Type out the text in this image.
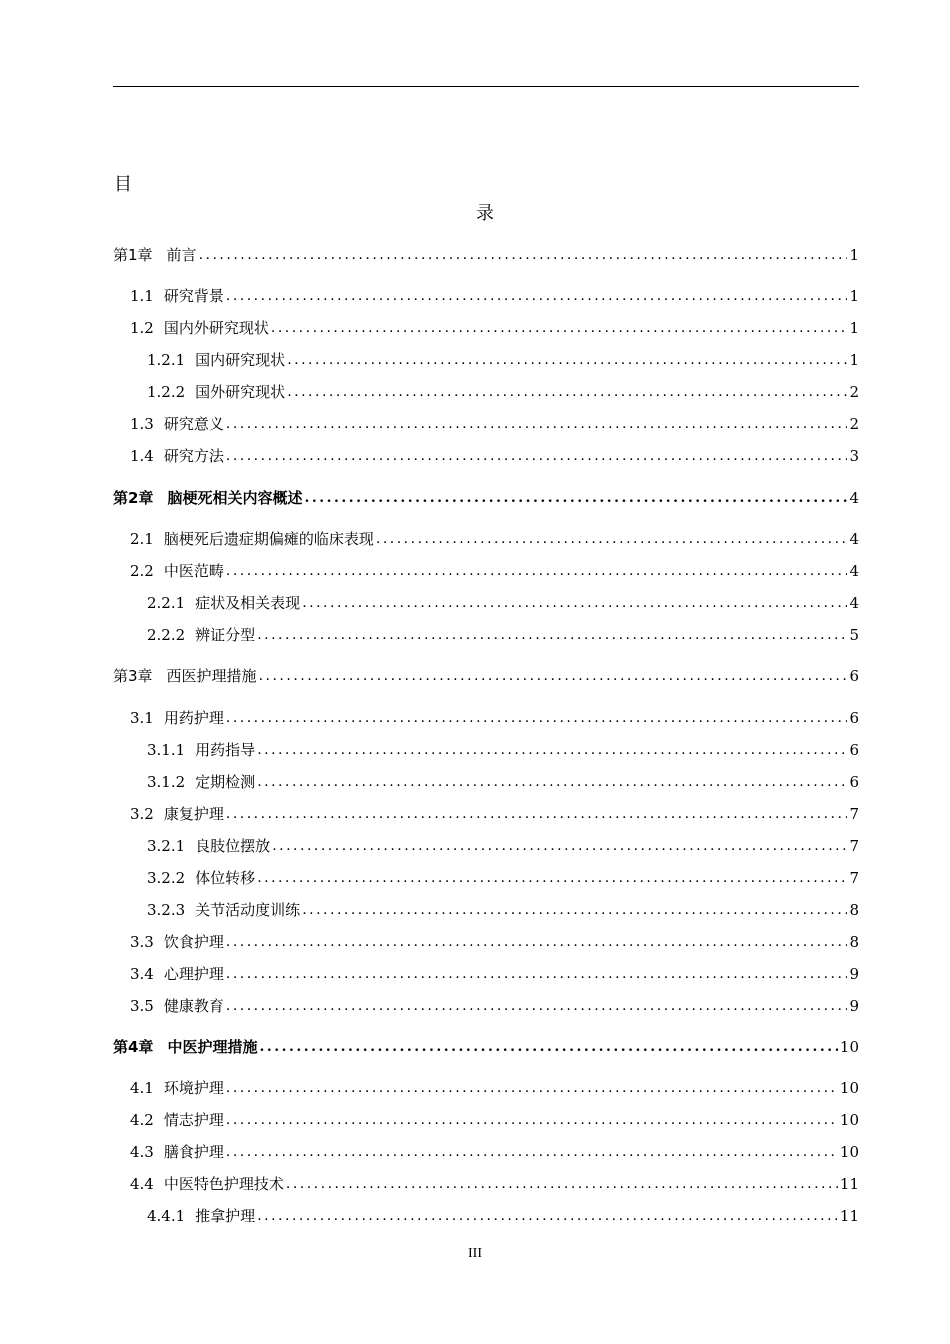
目
录
第1章 前言 .....	1
1.1 研究背景 .....	1
1.2 国内外研究现状 .....	1
1.2.1 国内研究现状 .....	1
1.2.2 国外研究现状 .....	2
1.3 研究意义 .....	2
1.4 研究方法 .....	3
第2章 脑梗死相关内容概述 .....	4
2.1 脑梗死后遗症期偏瘫的临床表现 .....	4
2.2 中医范畴 .....	4
2.2.1 症状及相关表现 .....	4
2.2.2 辨证分型 .....	5
第3章 西医护理措施 .....	6
3.1 用药护理 .....	6
3.1.1 用药指导 .....	6
3.1.2 定期检测 .....	6
3.2 康复护理 .....	7
3.2.1 良肢位摆放 .....	7
3.2.2 体位转移 .....	7
3.2.3 关节活动度训练 .....	8
3.3 饮食护理 .....	8
3.4 心理护理 .....	9
3.5 健康教育 .....	9
第4章 中医护理措施 .....	10
4.1 环境护理 .....	10
4.2 情志护理 .....	10
4.3 膳食护理 .....	10
4.4 中医特色护理技术 .....	11
4.4.1 推拿护理 .....	11
III
